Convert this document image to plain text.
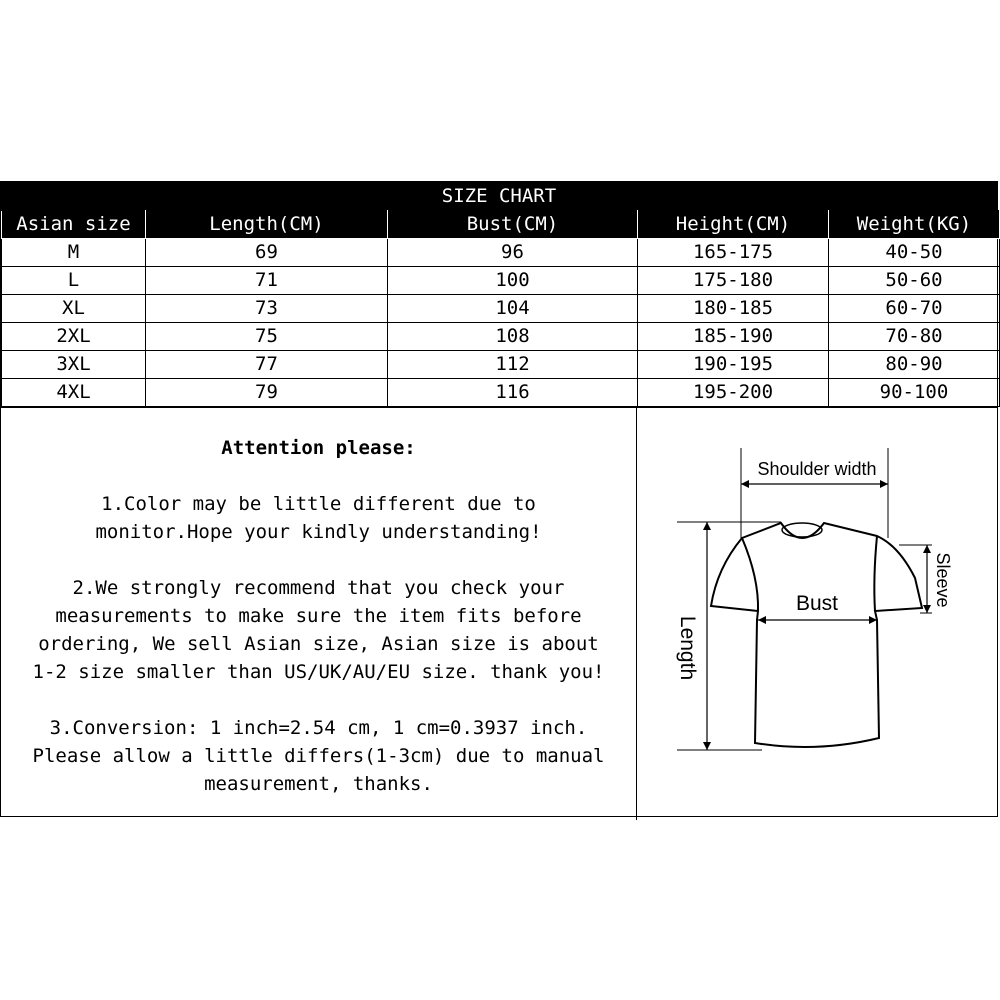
SIZE CHART
Asian size	Length(CM)	Bust(CM)	Height(CM)	Weight(KG)
M	69	96	165-175	40-50
L	71	100	175-180	50-60
XL	73	104	180-185	60-70
2XL	75	108	185-190	70-80
3XL	77	112	190-195	80-90
4XL	79	116	195-200	90-100
Attention please:

1.Color may be little different due to
monitor.Hope your kindly understanding!

2.We strongly recommend that you check your
measurements to make sure the item fits before
ordering, We sell Asian size, Asian size is about
1-2 size smaller than US/UK/AU/EU size. thank you!

3.Conversion: 1 inch=2.54 cm, 1 cm=0.3937 inch.
Please allow a little differs(1-3cm) due to manual
measurement, thanks.

Shoulder width
Bust
Length
Sleeve
